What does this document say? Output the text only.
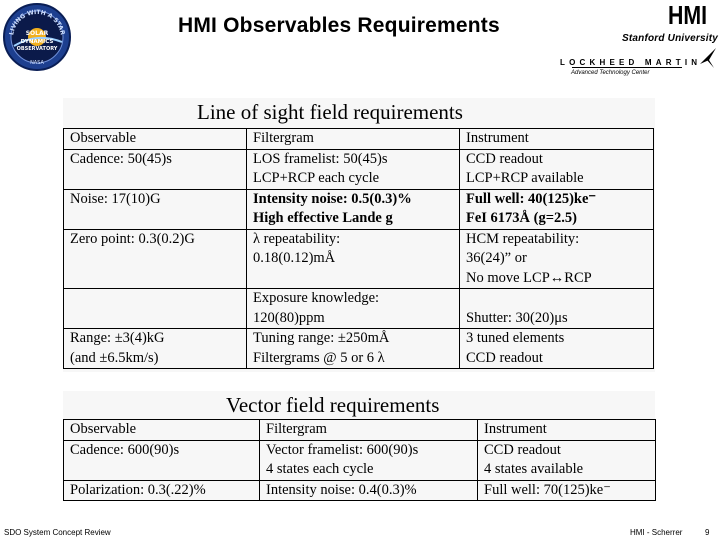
LIVING WITH A STAR
SOLAR
DYNAMICS
OBSERVATORY
NASA
HMI Observables Requirements	HMI
Stanford University
LOCKHEED MARTIN
Advanced Technology Center
Line of sight field requirements
Observable	Filtergram	Instrument
Cadence: 50(45)s	LOS framelist: 50(45)s	CCD readout
	LCP+RCP each cycle	LCP+RCP available
Noise: 17(10)G	Intensity noise: 0.5(0.3)%	Full well: 40(125)ke⁻
	High effective Lande g	FeI 6173Å (g=2.5)
Zero point: 0.3(0.2)G	λ repeatability:	HCM repeatability:
	0.18(0.12)mÅ	36(24)” or
		No move LCP↔RCP
	Exposure knowledge:	
	120(80)ppm	Shutter: 30(20)μs
Range: ±3(4)kG	Tuning range: ±250mÅ	3 tuned elements
(and ±6.5km/s)	Filtergrams @ 5 or 6 λ	CCD readout
Vector field requirements
Observable	Filtergram	Instrument
Cadence: 600(90)s	Vector framelist: 600(90)s	CCD readout
	4 states each cycle	4 states available
Polarization: 0.3(.22)%	Intensity noise: 0.4(0.3)%	Full well: 70(125)ke⁻
SDO System Concept Review	HMI - Scherrer	9
